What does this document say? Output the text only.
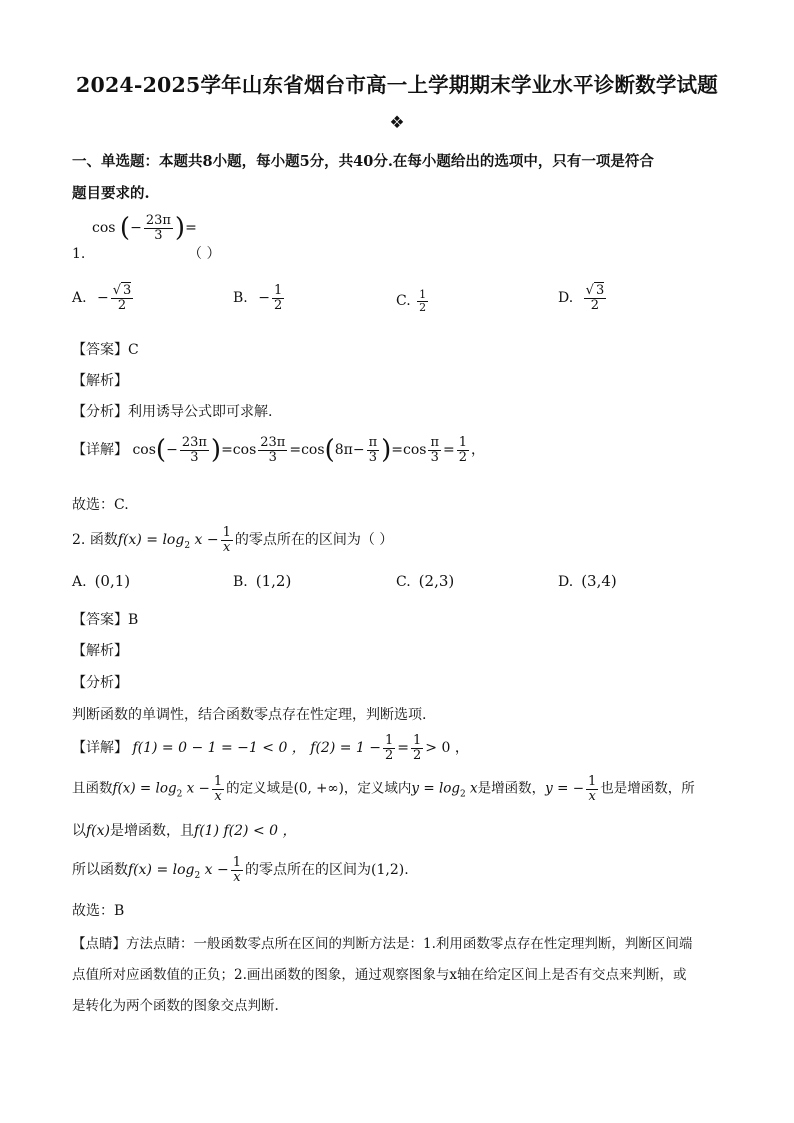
2024-2025学年山东省烟台市高一上学期期末学业水平诊断数学试题
❖
一、单选题：本题共8小题，每小题5分，共40分.在每小题给出的选项中，只有一项是符合
题目要求的.
cos (− $\frac{23\pi}{3}$ )=
1.	（ ）
A. − $\frac{√ 3}{2}$	B. − $\frac{1}{2}$	C. $\frac{1}{2}$	D. $\frac{√ 3}{2}$
【答案】C
【解析】
【分析】利用诱导公式即可求解.
【详解】 $\cos(- \frac{23\pi}{3} )=\cos \frac{23\pi}{3} =\cos(8\pi- \frac{\pi}{3} )=\cos \frac{\pi}{3} = \frac{1}{2}$ ，
故选：C.
2. 函数$f(x) = \log_2 x - \frac{1}{x}$ 的零点所在的区间为（ ）
A. (0,1)	B. (1,2)	C. (2,3)	D. (3,4)
【答案】B
【解析】
【分析】
判断函数的单调性，结合函数零点存在性定理，判断选项.
【详解】 f(1) = 0 − 1 = −1 < 0 ， $f(2) = 1 - \frac{1}{2} = \frac{1}{2} > 0$ ，
且函数$f(x) = \log_2 x - \frac{1}{x}$ 的定义域是(0, +∞)，定义域内$y = \log_2 x$是增函数，y = − $\frac{1}{x}$ 也是增函数，所
以f(x)是增函数，且f(1) f(2) < 0 ，
所以函数$f(x) = \log_2 x - \frac{1}{x}$ 的零点所在的区间为(1,2).
故选：B
【点睛】方法点睛：一般函数零点所在区间的判断方法是：1.利用函数零点存在性定理判断，判断区间端
点值所对应函数值的正负；2.画出函数的图象，通过观察图象与x轴在给定区间上是否有交点来判断，或
是转化为两个函数的图象交点判断.
